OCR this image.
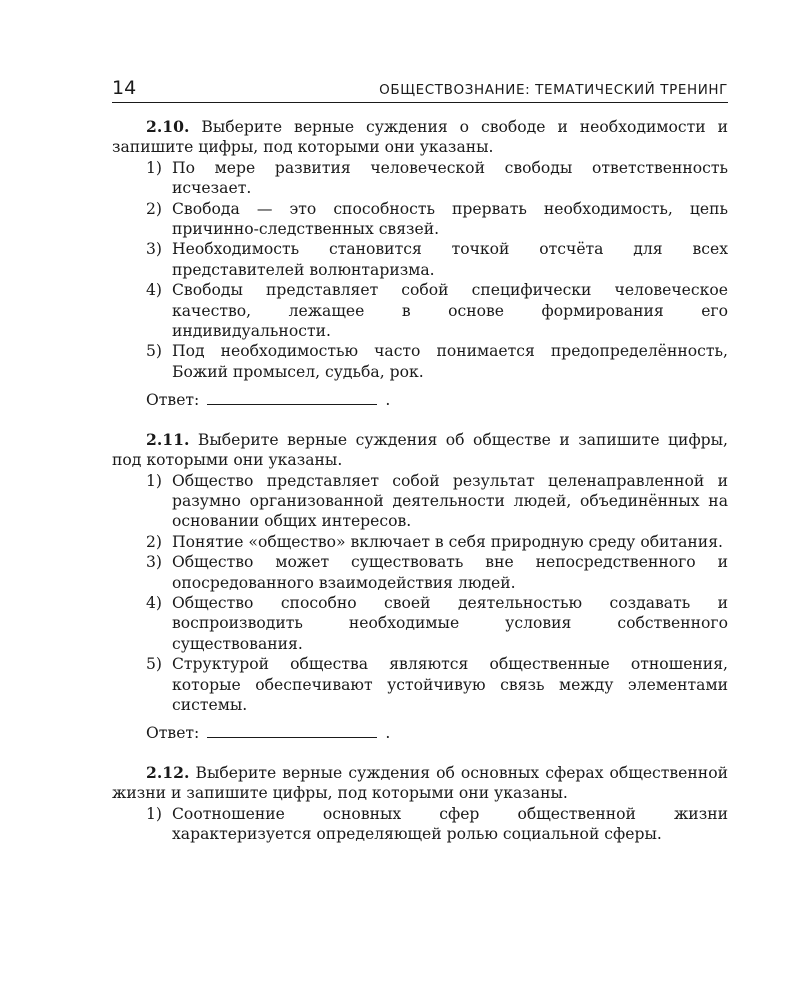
14	ОБЩЕСТВОЗНАНИЕ: ТЕМАТИЧЕСКИЙ ТРЕНИНГ
2.10. Выберите верные суждения о свободе и необходимости и запишите цифры, под которыми они указаны.
1) По мере развития человеческой свободы ответственность исчезает.
2) Свобода — это способность прервать необходимость, цепь причинно-следственных связей.
3) Необходимость становится точкой отсчёта для всех представителей волюнтаризма.
4) Свободы представляет собой специфически человеческое качество, лежащее в основе формирования его индивидуальности.
5) Под необходимостью часто понимается предопределённость, Божий промысел, судьба, рок.
Ответ:	.
2.11. Выберите верные суждения об обществе и запишите цифры, под которыми они указаны.
1) Общество представляет собой результат целенаправленной и разумно организованной деятельности людей, объединённых на основании общих интересов.
2) Понятие «общество» включает в себя природную среду обитания.
3) Общество может существовать вне непосредственного и опосредованного взаимодействия людей.
4) Общество способно своей деятельностью создавать и воспроизводить необходимые условия собственного существования.
5) Структурой общества являются общественные отношения, которые обеспечивают устойчивую связь между элементами системы.
Ответ:	.
2.12. Выберите верные суждения об основных сферах общественной жизни и запишите цифры, под которыми они указаны.
1) Соотношение основных сфер общественной жизни характеризуется определяющей ролью социальной сферы.
